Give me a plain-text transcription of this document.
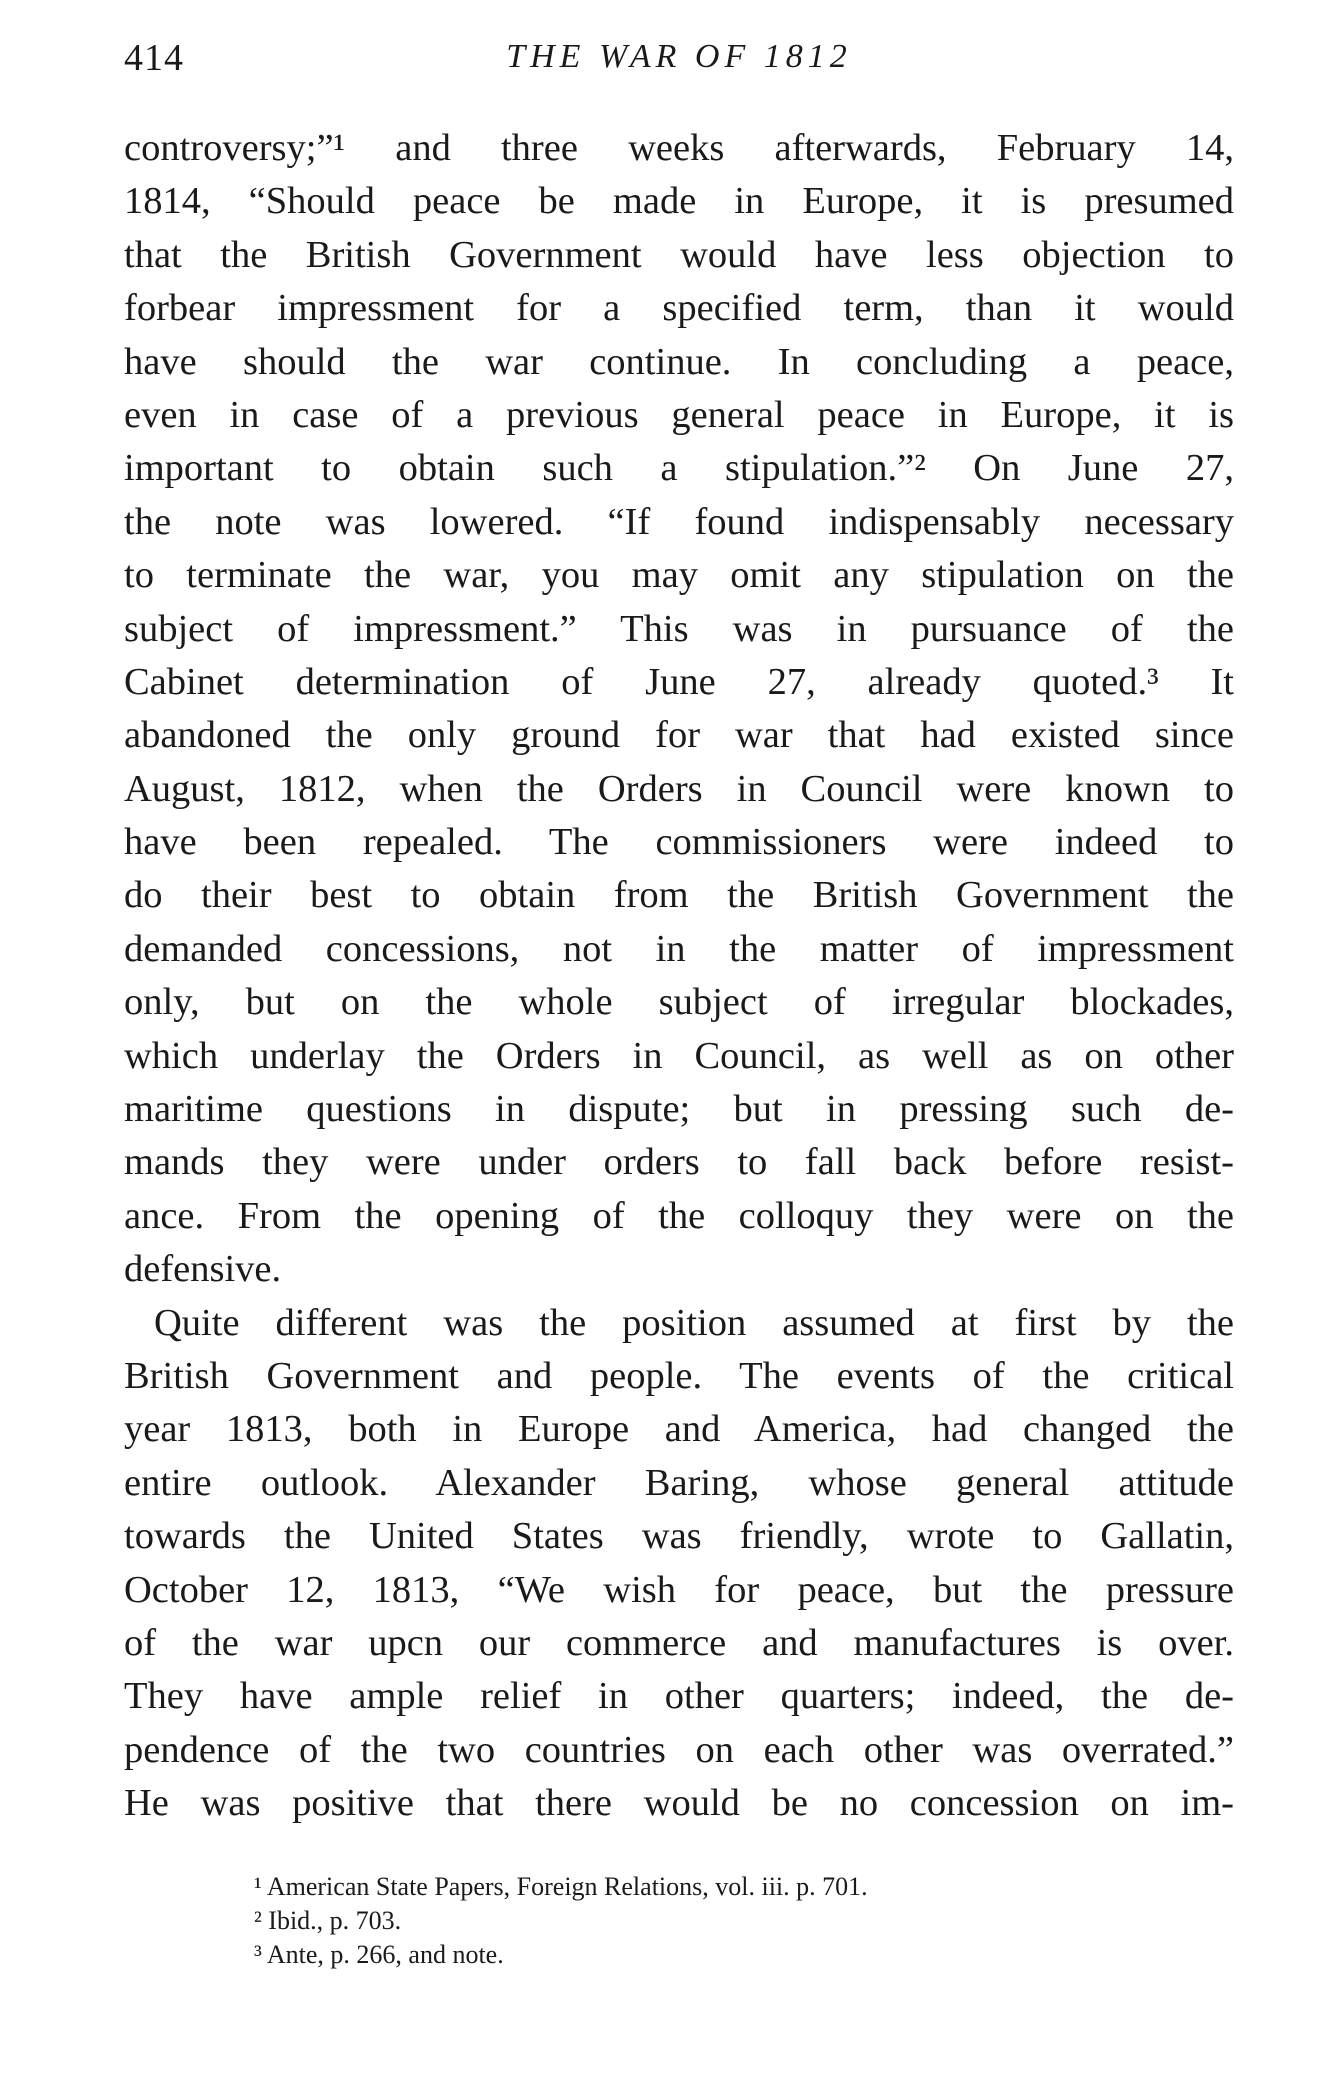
414	THE WAR OF 1812
controversy;”¹ and three weeks afterwards, February 14,
1814, “Should peace be made in Europe, it is presumed
that the British Government would have less objection to
forbear impressment for a specified term, than it would
have should the war continue. In concluding a peace,
even in case of a previous general peace in Europe, it is
important to obtain such a stipulation.”² On June 27,
the note was lowered. “If found indispensably necessary
to terminate the war, you may omit any stipulation on the
subject of impressment.” This was in pursuance of the
Cabinet determination of June 27, already quoted.³ It
abandoned the only ground for war that had existed since
August, 1812, when the Orders in Council were known to
have been repealed. The commissioners were indeed to
do their best to obtain from the British Government the
demanded concessions, not in the matter of impressment
only, but on the whole subject of irregular blockades,
which underlay the Orders in Council, as well as on other
maritime questions in dispute; but in pressing such de-
mands they were under orders to fall back before resist-
ance. From the opening of the colloquy they were on the
defensive.
Quite different was the position assumed at first by the
British Government and people. The events of the critical
year 1813, both in Europe and America, had changed the
entire outlook. Alexander Baring, whose general attitude
towards the United States was friendly, wrote to Gallatin,
October 12, 1813, “We wish for peace, but the pressure
of the war upcn our commerce and manufactures is over.
They have ample relief in other quarters; indeed, the de-
pendence of the two countries on each other was overrated.”
He was positive that there would be no concession on im-
¹ American State Papers, Foreign Relations, vol. iii. p. 701.
² Ibid., p. 703.
³ Ante, p. 266, and note.
